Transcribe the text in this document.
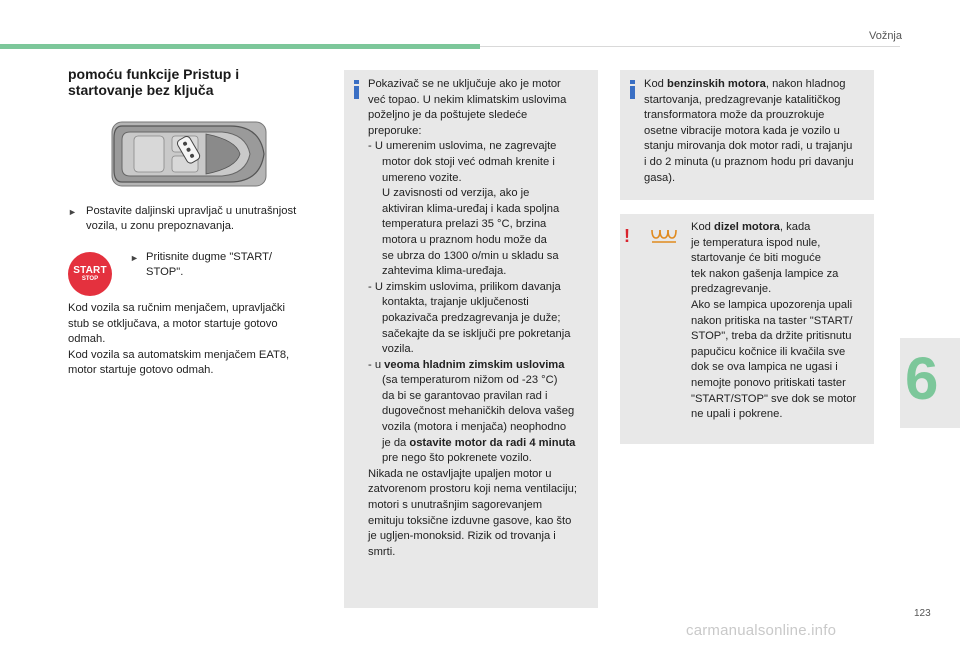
Vožnja
pomoću funkcije Pristup i
startovanje bez ključa
► Postavite daljinski upravljač u unutrašnjost
vozila, u zonu prepoznavanja.
START
STOP
► Pritisnite dugme "START/
STOP".
Kod vozila sa ručnim menjačem, upravljački
stub se otključava, a motor startuje gotovo
odmah.
Kod vozila sa automatskim menjačem EAT8,
motor startuje gotovo odmah.

Pokazivač se ne uključuje ako je motor

već topao. U nekim klimatskim uslovima

poželjno je da poštujete sledeće

preporuke:

- U umerenim uslovima, ne zagrevajte

motor dok stoji već odmah krenite i

umereno vozite.

U zavisnosti od verzija, ako je

aktiviran klima-uređaj i kada spoljna

temperatura prelazi 35 °C, brzina

motora u praznom hodu može da

se ubrza do 1300 o/min u skladu sa

zahtevima klima-uređaja.

- U zimskim uslovima, prilikom davanja

kontakta, trajanje uključenosti

pokazivača predzagrevanja je duže;

sačekajte da se isključi pre pokretanja

vozila.

- u veoma hladnim zimskim uslovima

(sa temperaturom nižom od -23 °C)

da bi se garantovao pravilan rad i

dugovečnost mehaničkih delova vašeg

vozila (motora i menjača) neophodno

je da ostavite motor da radi 4 minuta

pre nego što pokrenete vozilo.

Nikada ne ostavljajte upaljen motor u

zatvorenom prostoru koji nema ventilaciju;

motori s unutrašnjim sagorevanjem

emituju toksične izduvne gasove, kao što

je ugljen-monoksid. Rizik od trovanja i

smrti.

Kod benzinskih motora, nakon hladnog

startovanja, predzagrevanje katalitičkog

transformatora može da prouzrokuje

osetne vibracije motora kada je vozilo u

stanju mirovanja dok motor radi, u trajanju

i do 2 minuta (u praznom hodu pri davanju

gasa).

!	Kod dizel motora, kada

je temperatura ispod nule,

startovanje će biti moguće

tek nakon gašenja lampice za

predzagrevanje.

Ako se lampica upozorenja upali

nakon pritiska na taster "START/

STOP", treba da držite pritisnutu

papučicu kočnice ili kvačila sve

dok se ova lampica ne ugasi i

nemojte ponovo pritiskati taster

"START/STOP" sve dok se motor

ne upali i pokrene.

6
123
carmanualsonline.info
